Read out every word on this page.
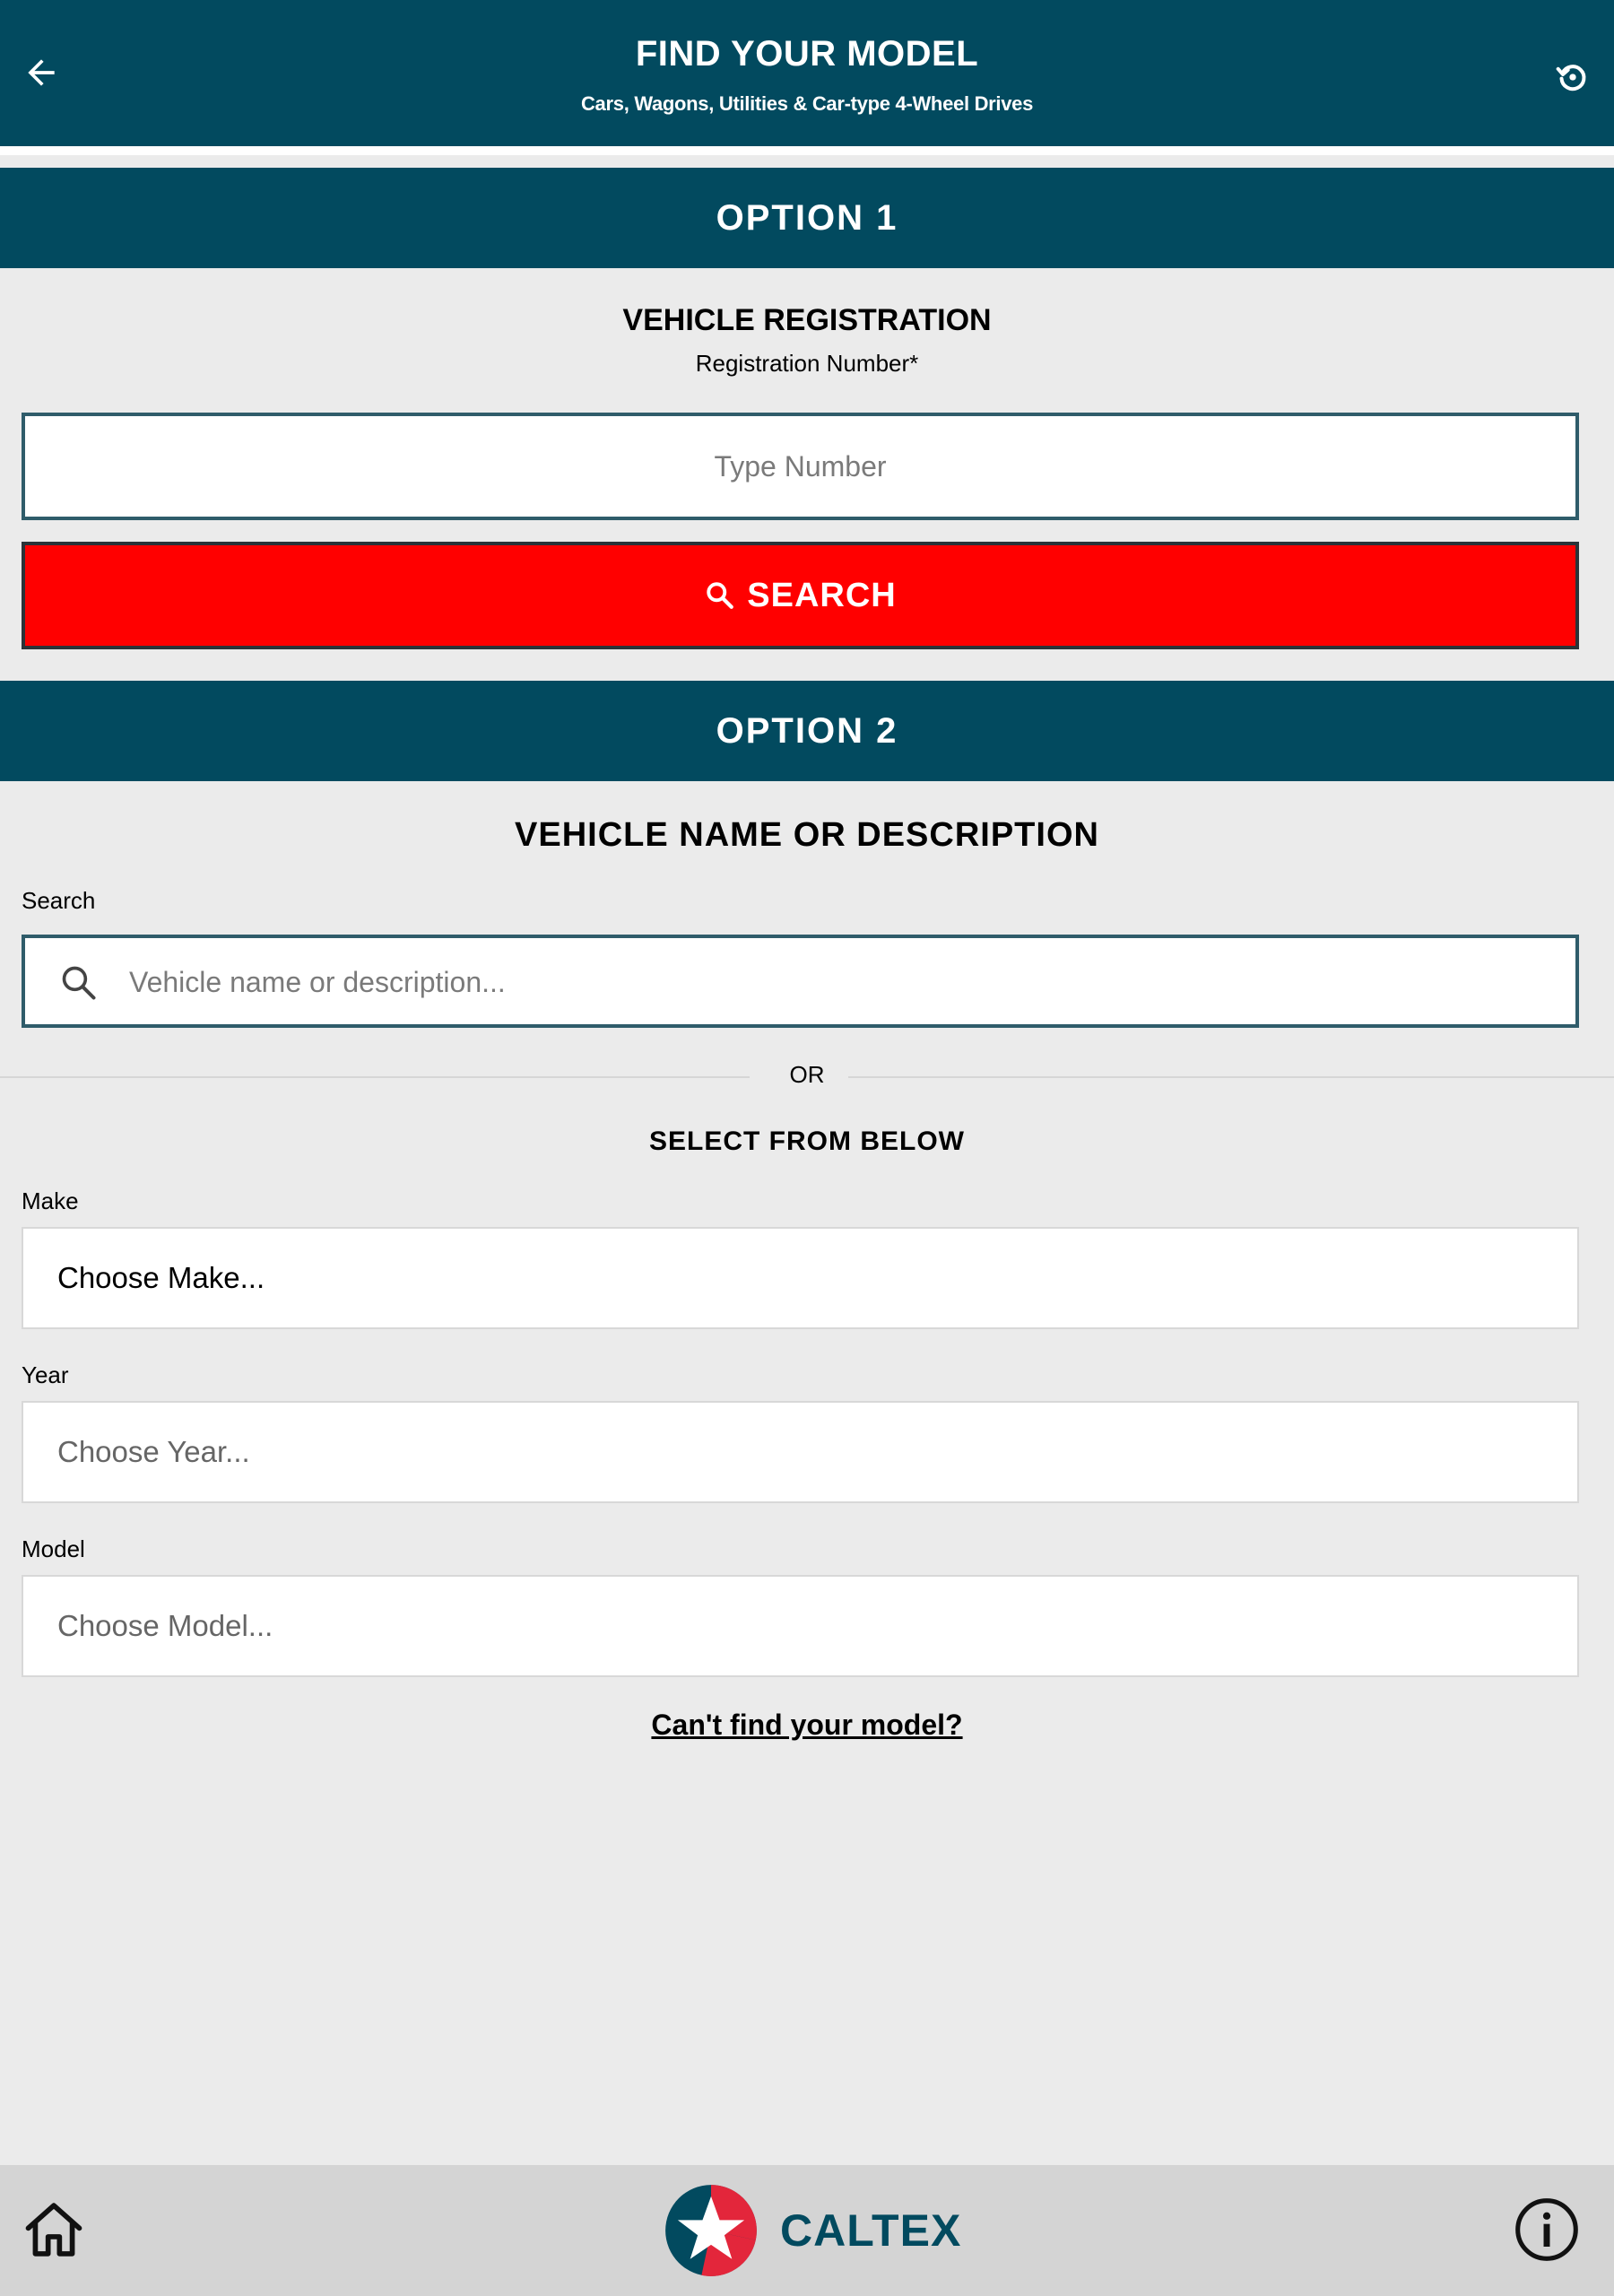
FIND YOUR MODEL
Cars, Wagons, Utilities & Car-type 4-Wheel Drives
OPTION 1
VEHICLE REGISTRATION
Registration Number*
Type Number
SEARCH
OPTION 2
VEHICLE NAME OR DESCRIPTION
Search
Vehicle name or description...
OR
SELECT FROM BELOW
Make
Choose Make...
Year
Choose Year...
Model
Choose Model...
Can't find your model?
CALTEX
